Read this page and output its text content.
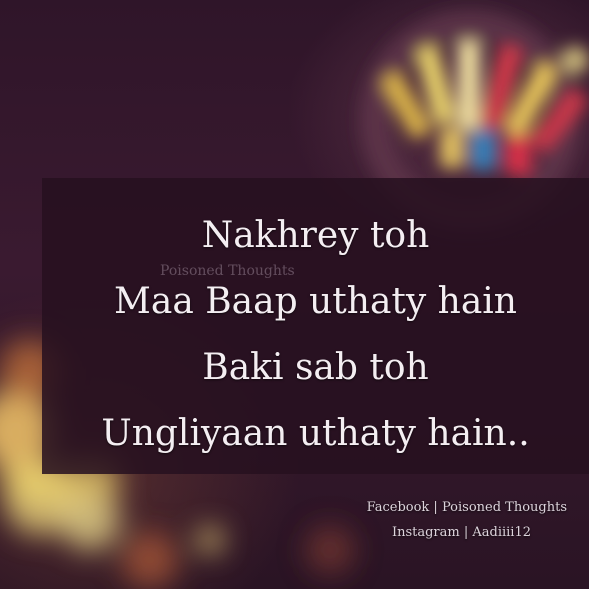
Poisoned Thoughts
Nakhrey toh
Maa Baap uthaty hain
Baki sab toh
Ungliyaan uthaty hain..
Facebook | Poisoned Thoughts
Instagram | Aadiiii12
